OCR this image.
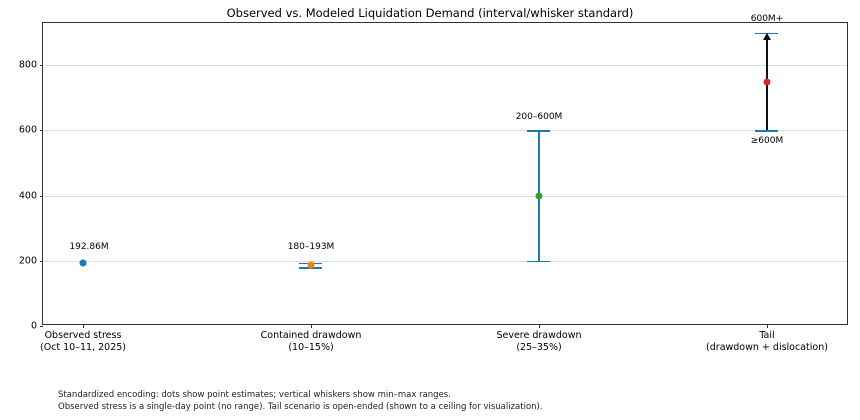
Observed vs. Modeled Liquidation Demand (interval/whisker standard)
0
200
400
600
800
192.86M	180–193M
200–600M
600M+
≥600M
Observed stress
(Oct 10–11, 2025)
Contained drawdown
(10–15%)
Severe drawdown
(25–35%)
Tail
(drawdown + dislocation)
Standardized encoding: dots show point estimates; vertical whiskers show min–max ranges.
Observed stress is a single-day point (no range). Tail scenario is open-ended (shown to a ceiling for visualization).
